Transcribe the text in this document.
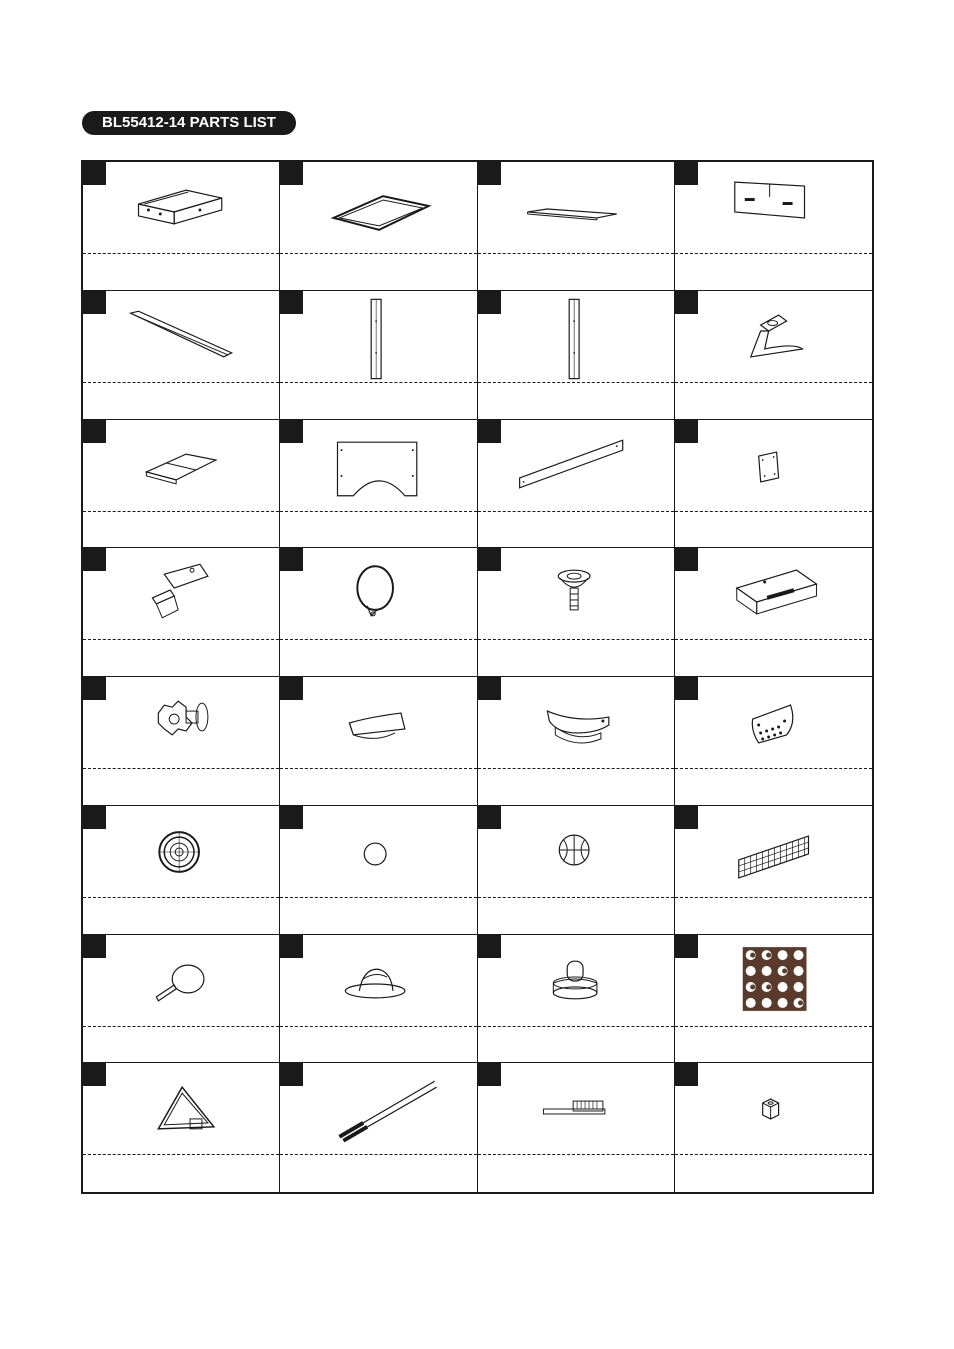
BL55412-14 PARTS LIST
